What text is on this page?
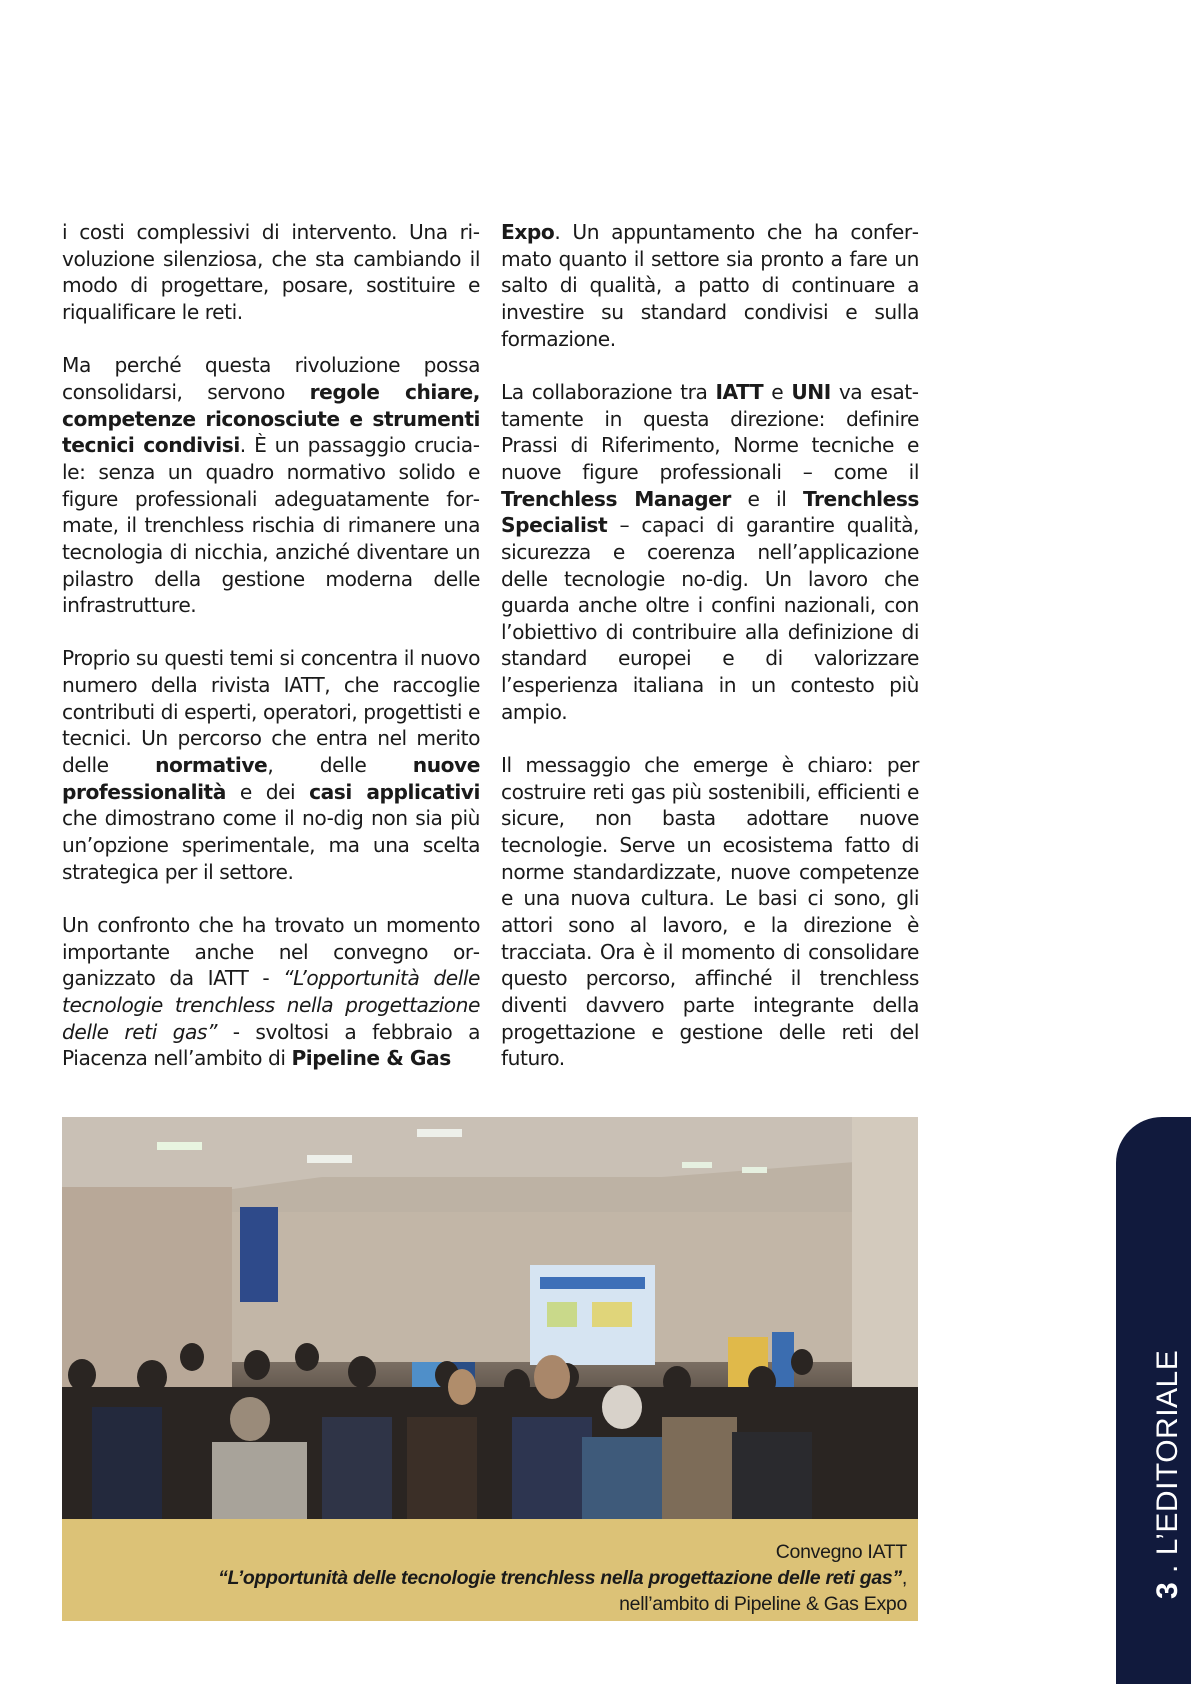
i costi complessivi di intervento. Una rivoluzione silenziosa, che sta cambiando il modo di progettare, posare, sostituire e riqualificare le reti.

Ma perché questa rivoluzione possa consolidarsi, servono regole chiare, competenze riconosciute e strumenti tecnici condivisi. È un passaggio cruciale: senza un quadro normativo solido e figure professionali adeguatamente formate, il trenchless rischia di rimanere una tecnologia di nicchia, anziché diventare un pilastro della gestione moderna delle infrastrutture.

Proprio su questi temi si concentra il nuovo numero della rivista IATT, che raccoglie contributi di esperti, operatori, progettisti e tecnici. Un percorso che entra nel merito delle normative, delle nuove professionalità e dei casi applicativi che dimostrano come il no-dig non sia più un’opzione sperimentale, ma una scelta strategica per il settore.

Un confronto che ha trovato un momento importante anche nel convegno organizzato da IATT - “L’opportunità delle tecnologie trenchless nella progettazione delle reti gas” - svoltosi a febbraio a Piacenza nell’ambito di Pipeline & Gas

Expo. Un appuntamento che ha confermato quanto il settore sia pronto a fare un salto di qualità, a patto di continuare a investire su standard condivisi e sulla formazione.

La collaborazione tra IATT e UNI va esattamente in questa direzione: definire Prassi di Riferimento, Norme tecniche e nuove figure professionali – come il Trenchless Manager e il Trenchless Specialist – capaci di garantire qualità, sicurezza e coerenza nell’applicazione delle tecnologie no-dig. Un lavoro che guarda anche oltre i confini nazionali, con l’obiettivo di contribuire alla definizione di standard europei e di valorizzare l’esperienza italiana in un contesto più ampio.

Il messaggio che emerge è chiaro: per costruire reti gas più sostenibili, efficienti e sicure, non basta adottare nuove tecnologie. Serve un ecosistema fatto di norme standardizzate, nuove competenze e una nuova cultura. Le basi ci sono, gli attori sono al lavoro, e la direzione è tracciata. Ora è il momento di consolidare questo percorso, affinché il trenchless diventi davvero parte integrante della progettazione e gestione delle reti del futuro.

Convegno IATT
“L’opportunità delle tecnologie trenchless nella progettazione delle reti gas”,
nell’ambito di Pipeline & Gas Expo
3 . L’EDITORIALE
